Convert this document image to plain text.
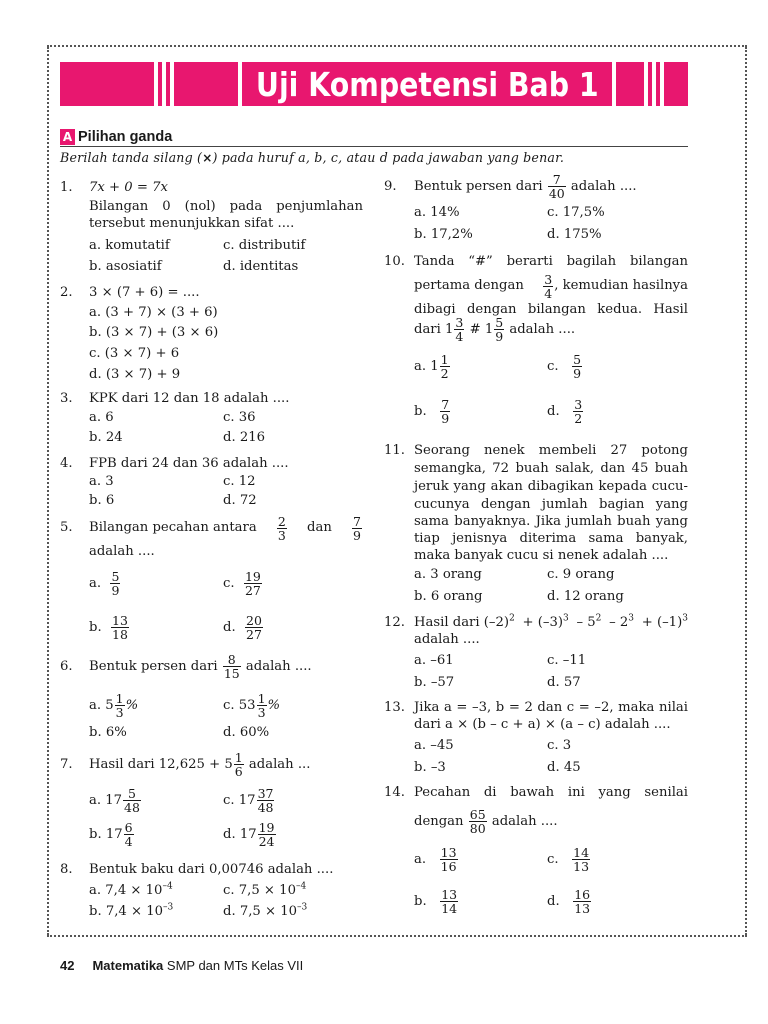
Uji Kompetensi Bab 1
A Pilihan ganda
Berilah tanda silang (×) pada huruf a, b, c, atau d pada jawaban yang benar.
1. 7x + 0 = 7x
Bilangan 0 (nol) pada penjumlahan
tersebut menunjukkan sifat ....
a. komutatif	c. distributif
b. asosiatif	d. identitas
2. 3 × (7 + 6) = ....
a. (3 + 7) × (3 + 6)
b. (3 × 7) + (3 × 6)
c. (3 × 7) + 6
d. (3 × 7) + 9
3. KPK dari 12 dan 18 adalah ....
a. 6	c. 36
b. 24	d. 216
4. FPB dari 24 dan 36 adalah ....
a. 3	c. 12
b. 6	d. 72
5. Bilangan pecahan antara 2
3 dan 7
9
adalah ....
a. $\frac{5}{9}$	c. $\frac{19}{27}$
b. $\frac{13}{18}$	d. $\frac{20}{27}$
6. Bentuk persen dari $\frac{8}{15}$ adalah ....
a. $5 \frac{1}{3}$ %	c. $53 \frac{1}{3}$ %
b. 6%	d. 60%
7. Hasil dari $12,625 + 5 \frac{1}{6}$ adalah ...
a. $17 \frac{5}{48}$	c. $17 \frac{37}{48}$
b. $17 \frac{6}{4}$	d. $17 \frac{19}{24}$
8. Bentuk baku dari 0,00746 adalah ....
a. $7,4 \times 10^{-4}$	c. $7,5 \times 10^{-4}$
b. $7,4 \times 10^{-3}$	d. $7,5 \times 10^{-3}$
9. Bentuk persen dari $\frac{7}{40}$ adalah ....
a. 14%	c. 17,5%
b. 17,2%	d. 175%
10. Tanda “#” berarti bagilah bilangan
pertama dengan 3
4 , kemudian hasilnya
dibagi dengan bilangan kedua. Hasil
dari $1 \frac{3}{4}$ # $1 \frac{5}{9}$ adalah ....
a. $1 \frac{1}{2}$	c. $\frac{5}{9}$
b. $\frac{7}{9}$	d. $\frac{3}{2}$
11. Seorang nenek membeli 27 potong
semangka, 72 buah salak, dan 45 buah
jeruk yang akan dibagikan kepada cucu-
cucunya dengan jumlah bagian yang
sama banyaknya. Jika jumlah buah yang
tiap jenisnya diterima sama banyak,
maka banyak cucu si nenek adalah ....
a. 3 orang	c. 9 orang
b. 6 orang	d. 12 orang
12. Hasil dari $(-2)^2 + (-3)^3 - 5^2 - 2^3 + (-1)^3$
adalah ....
a. –61	c. –11
b. –57	d. 57
13. Jika a = –3, b = 2 dan c = –2, maka nilai
dari a × (b – c + a) × (a – c) adalah ....
a. –45	c. 3
b. –3	d. 45
14. Pecahan di bawah ini yang senilai
dengan $\frac{65}{80}$ adalah ....
a. $\frac{13}{16}$	c. $\frac{14}{13}$
b. $\frac{13}{14}$	d. $\frac{16}{13}$
42 Matematika SMP dan MTs Kelas VII
